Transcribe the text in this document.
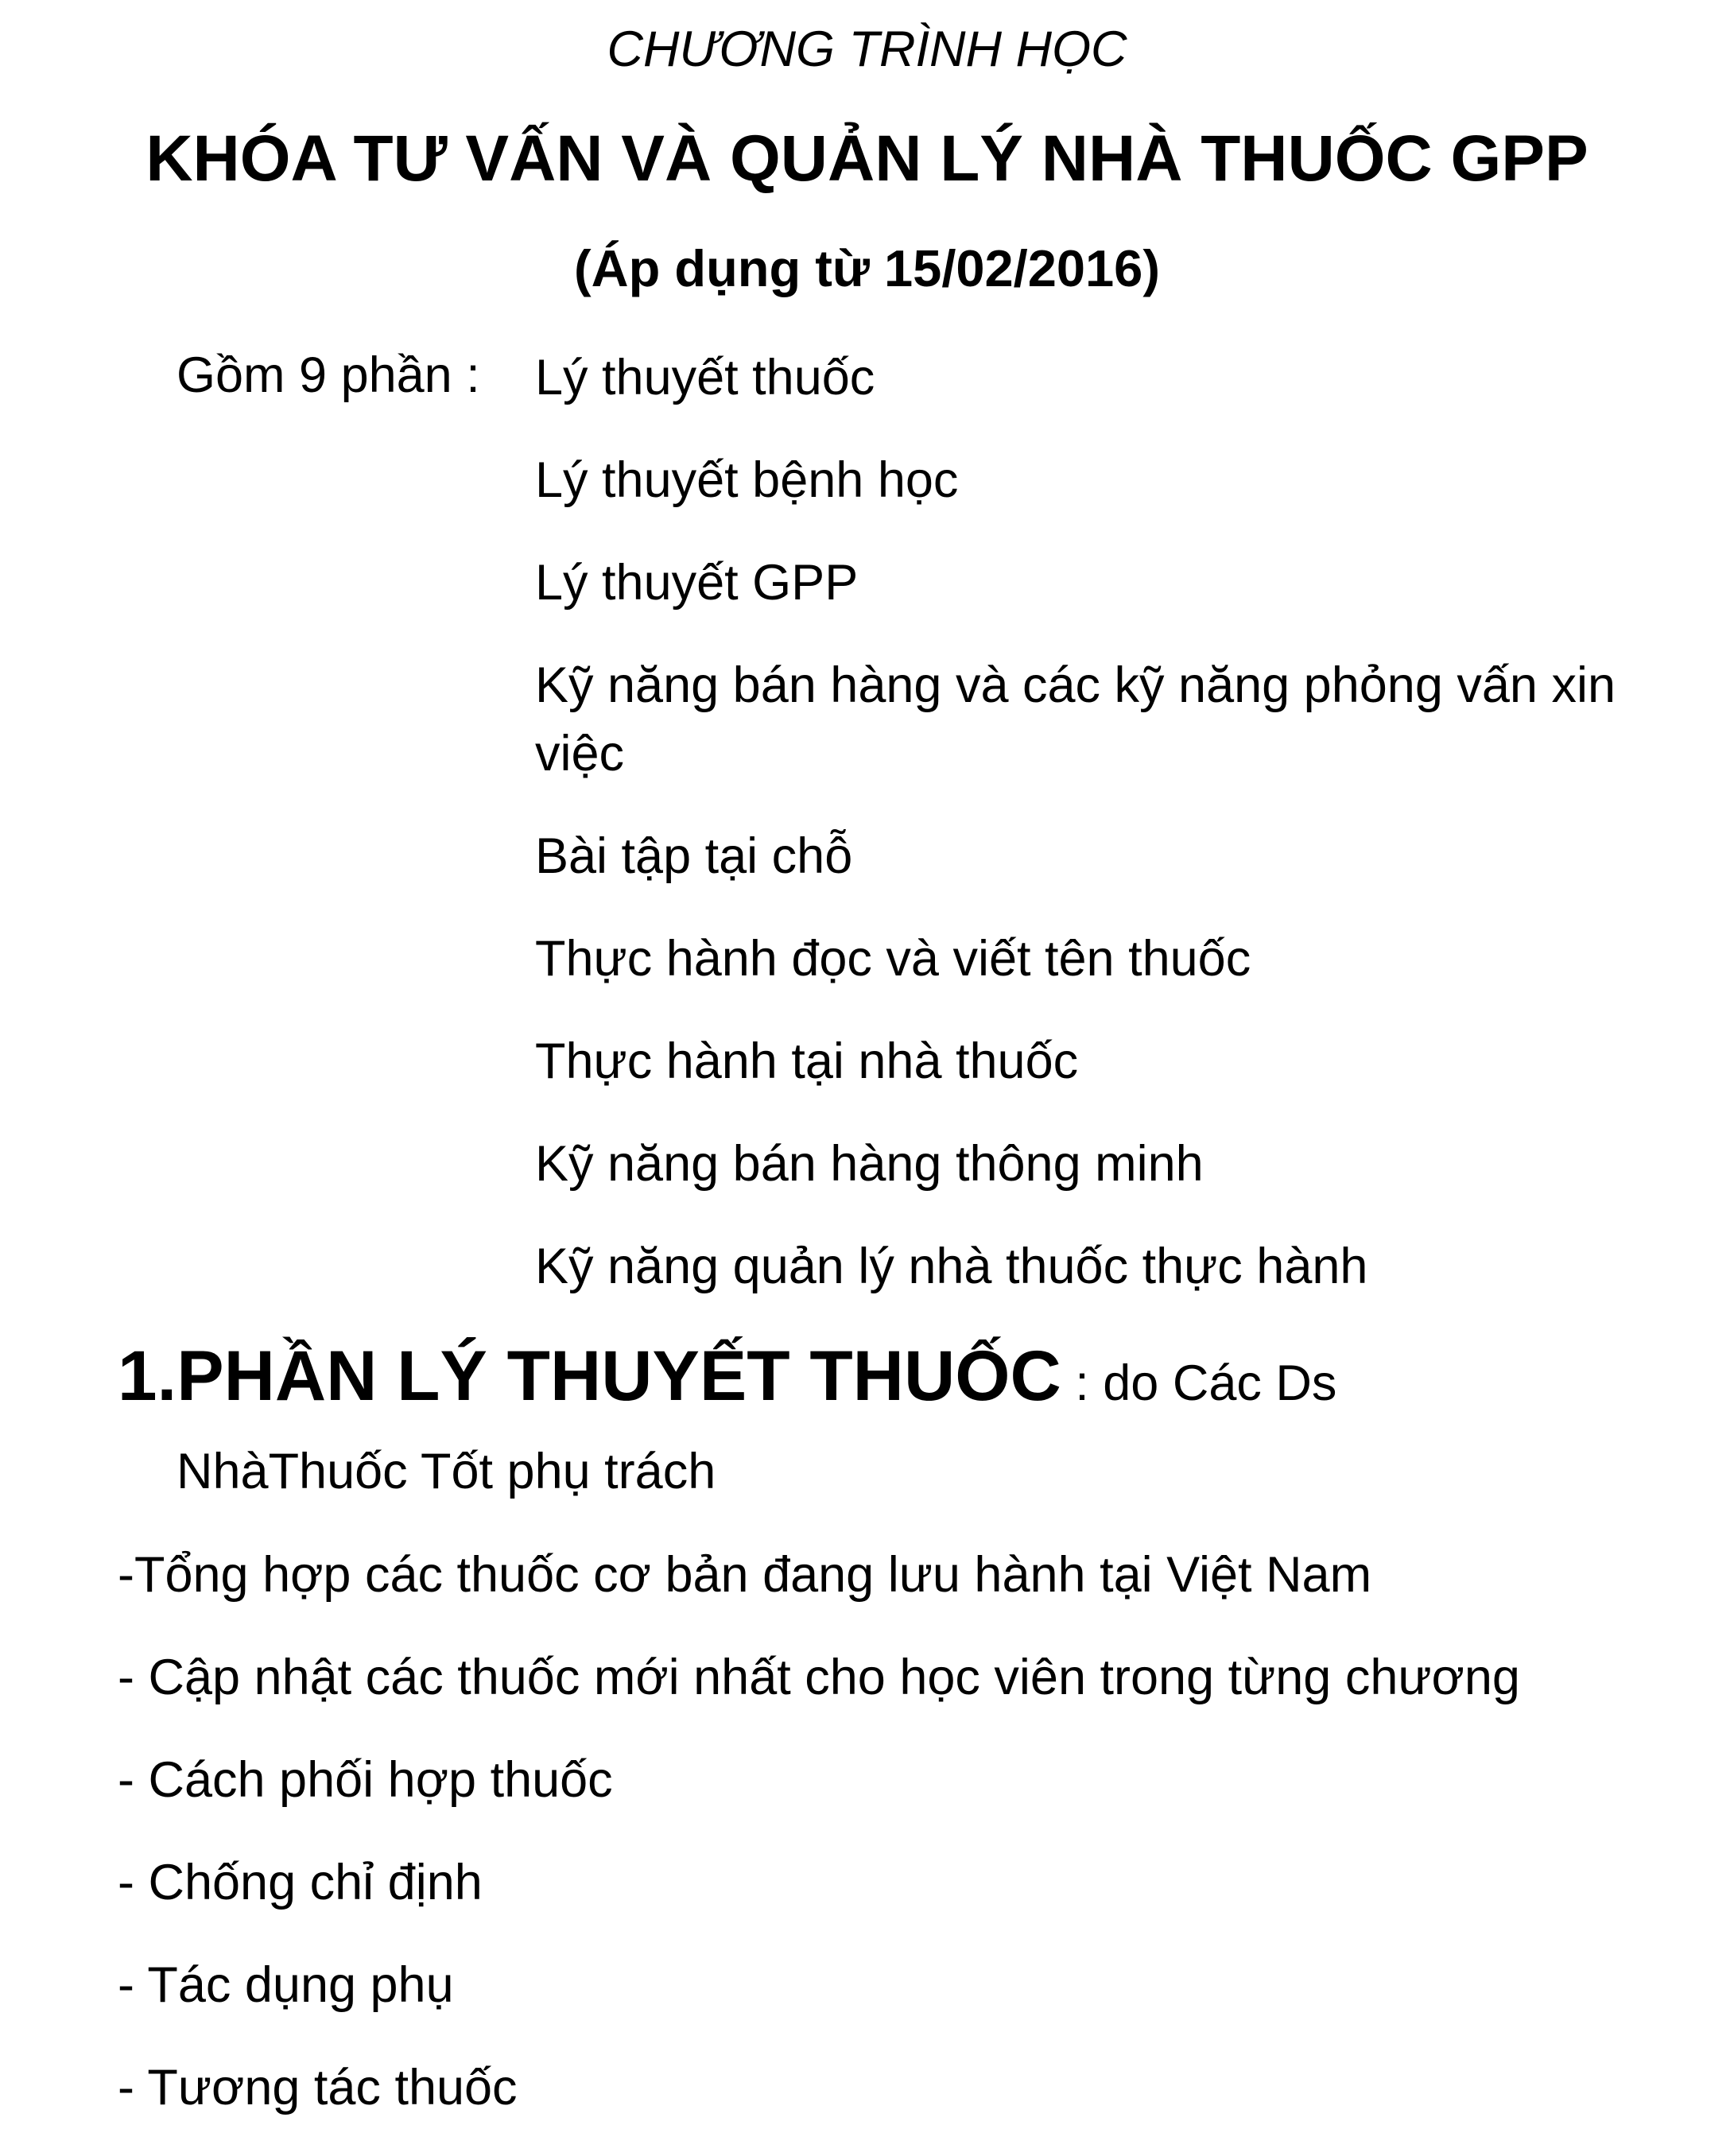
CHƯƠNG TRÌNH HỌC
KHÓA TƯ VẤN VÀ QUẢN LÝ NHÀ THUỐC GPP
(Áp dụng từ 15/02/2016)
Gồm 9 phần : Lý thuyết thuốc
Lý thuyết bệnh học
Lý thuyết GPP
Kỹ năng bán hàng và các kỹ năng phỏng vấn xin việc
Bài tập tại chỗ
Thực hành đọc và viết tên thuốc
Thực hành tại nhà thuốc
Kỹ năng bán hàng thông minh
Kỹ năng quản lý nhà thuốc thực hành
1.PHẦN LÝ THUYẾT THUỐC : do Các Ds
NhàThuốc Tốt phụ trách
-Tổng hợp các thuốc cơ bản đang lưu hành tại Việt Nam
- Cập nhật các thuốc mới nhất cho học viên trong từng chương
- Cách phối hợp thuốc
- Chống chỉ định
- Tác dụng phụ
- Tương tác thuốc
